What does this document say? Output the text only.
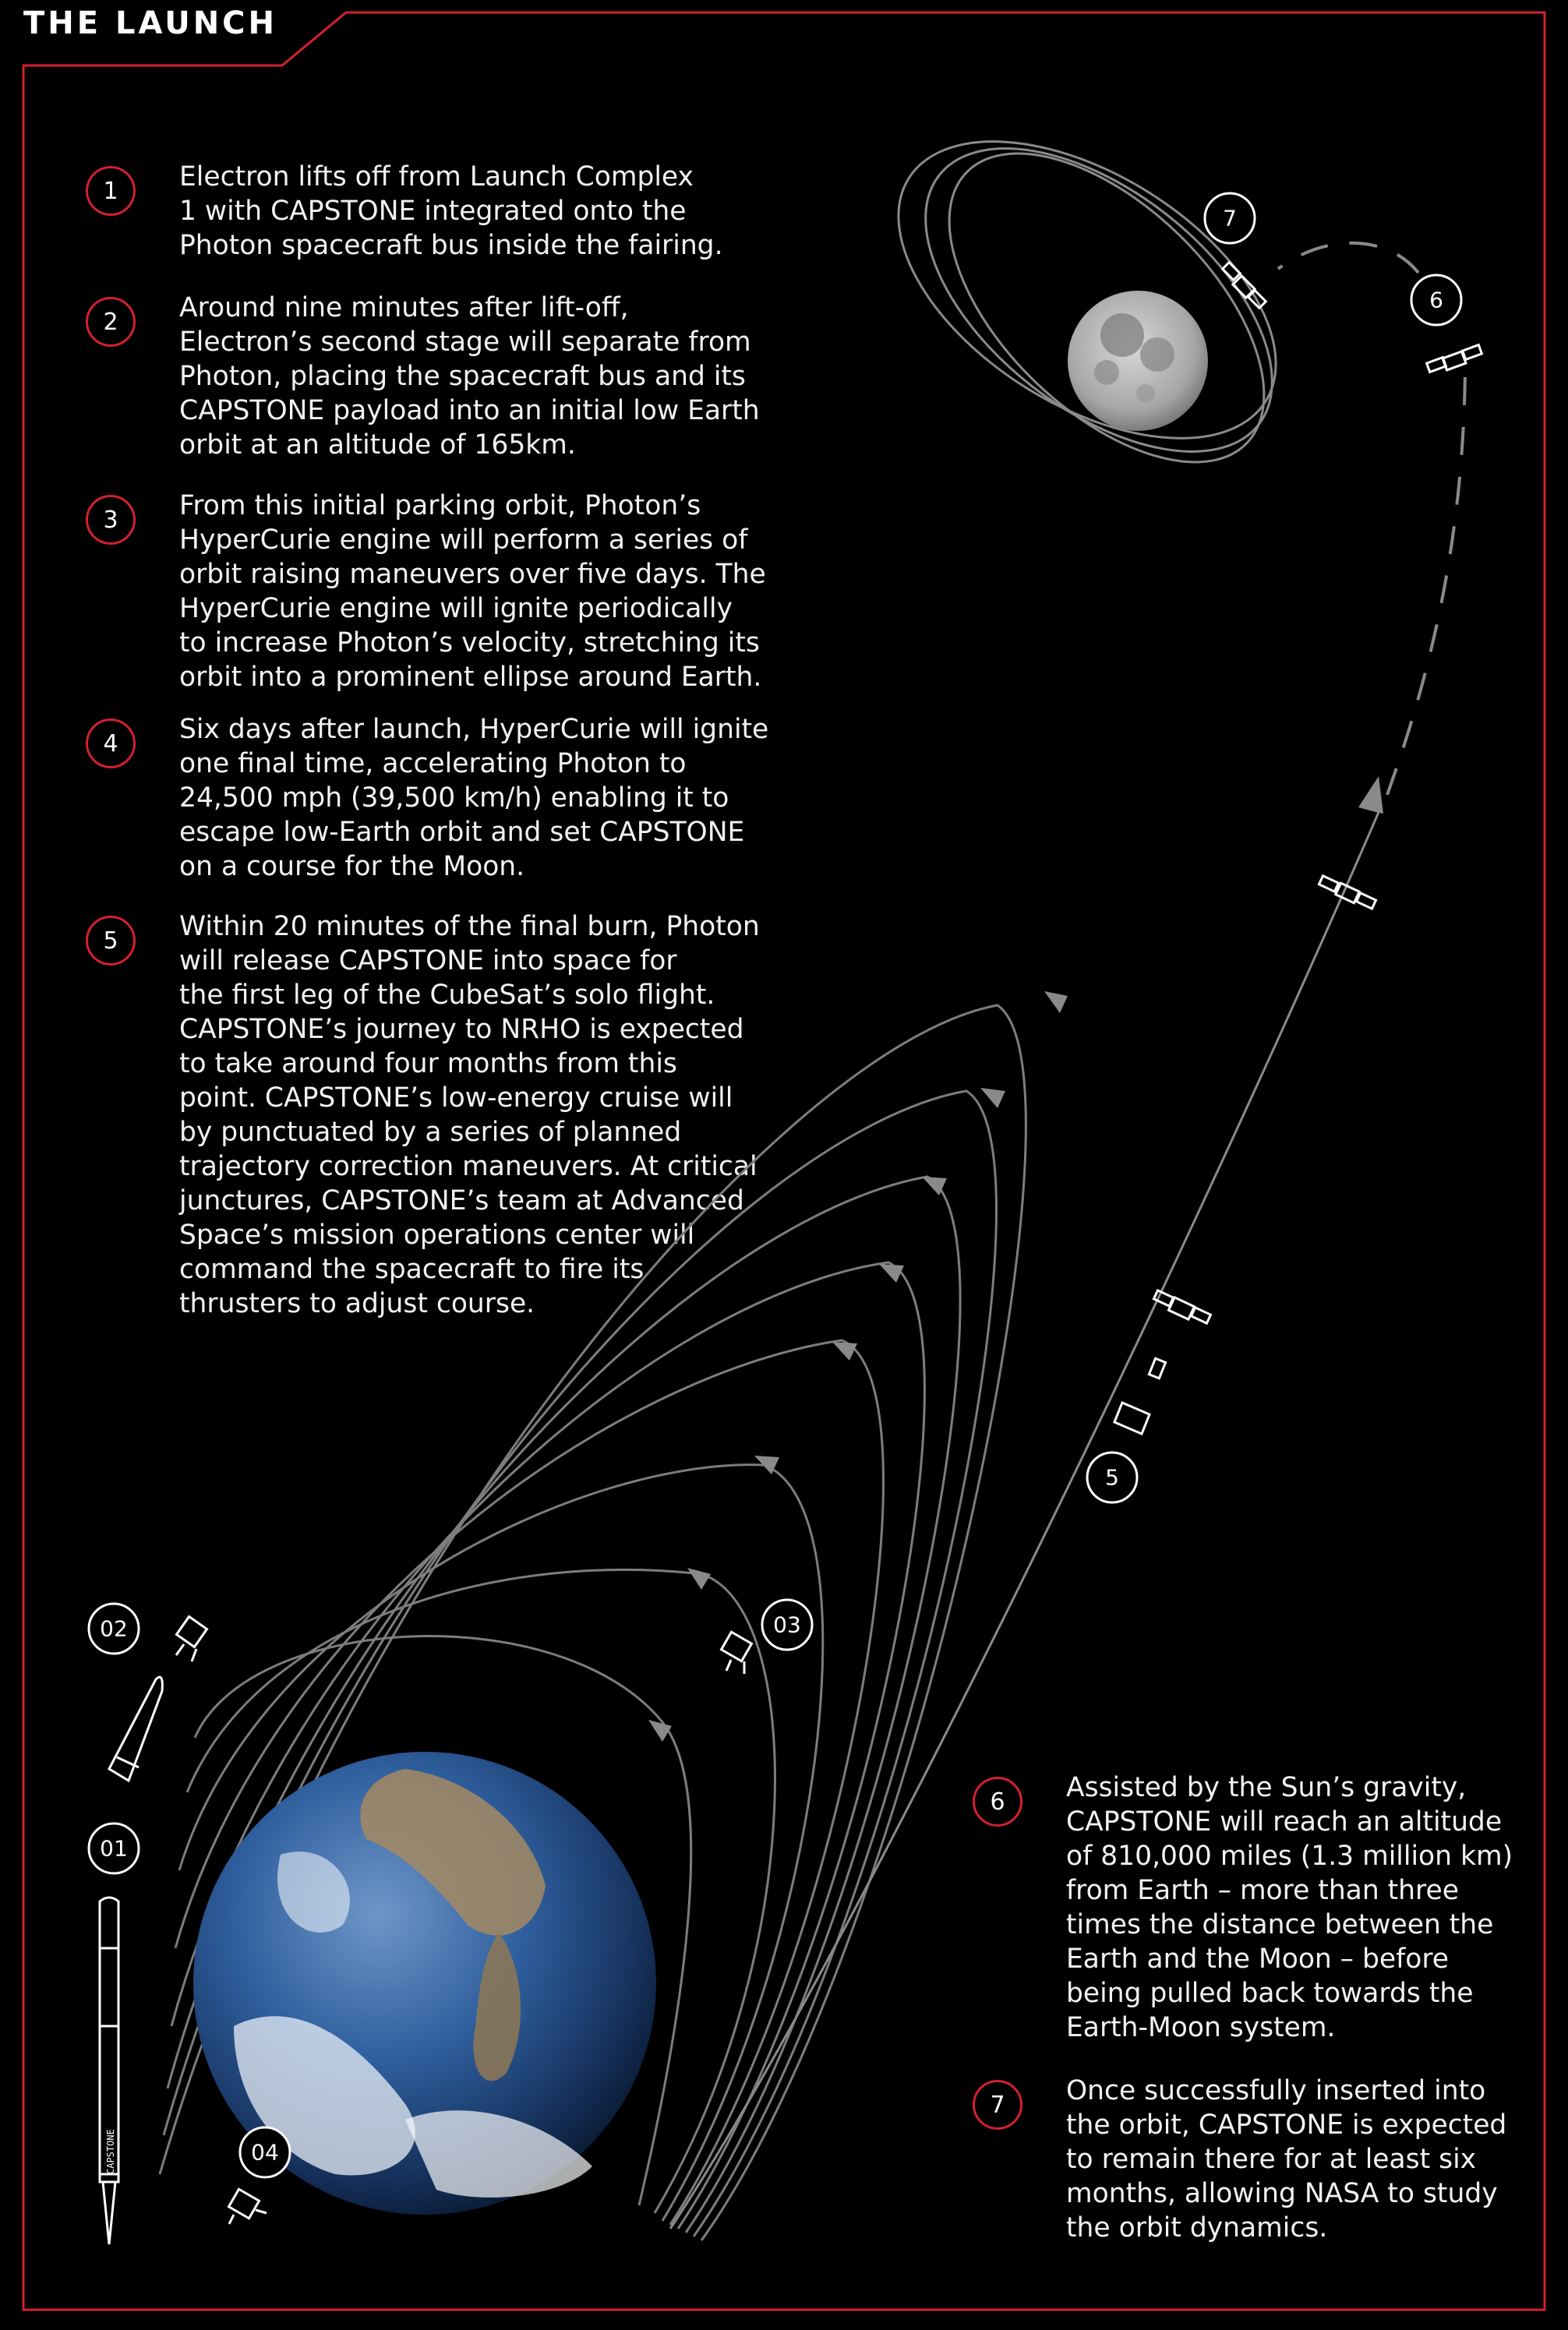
THE LAUNCH
1	Electron lifts off from Launch Complex
1 with CAPSTONE integrated onto the
Photon spacecraft bus inside the fairing.
2	Around nine minutes after lift-off,
Electron’s second stage will separate from
Photon, placing the spacecraft bus and its
CAPSTONE payload into an initial low Earth
orbit at an altitude of 165km.
3	From this initial parking orbit, Photon’s
HyperCurie engine will perform a series of
orbit raising maneuvers over five days. The
HyperCurie engine will ignite periodically
to increase Photon’s velocity, stretching its
orbit into a prominent ellipse around Earth.
4	Six days after launch, HyperCurie will ignite
one final time, accelerating Photon to
24,500 mph (39,500 km/h) enabling it to
escape low-Earth orbit and set CAPSTONE
on a course for the Moon.
5	Within 20 minutes of the final burn, Photon
will release CAPSTONE into space for
the first leg of the CubeSat’s solo flight.
CAPSTONE’s journey to NRHO is expected
to take around four months from this
point. CAPSTONE’s low-energy cruise will
by punctuated by a series of planned
trajectory correction maneuvers. At critical
junctures, CAPSTONE’s team at Advanced
Space’s mission operations center will
command the spacecraft to fire its
thrusters to adjust course.
6	Assisted by the Sun’s gravity,
CAPSTONE will reach an altitude
of 810,000 miles (1.3 million km)
from Earth – more than three
times the distance between the
Earth and the Moon – before
being pulled back towards the
Earth-Moon system.
7	Once successfully inserted into
the orbit, CAPSTONE is expected
to remain there for at least six
months, allowing NASA to study
the orbit dynamics.
CAPSTONE
02
01
03
04
5
6
7
